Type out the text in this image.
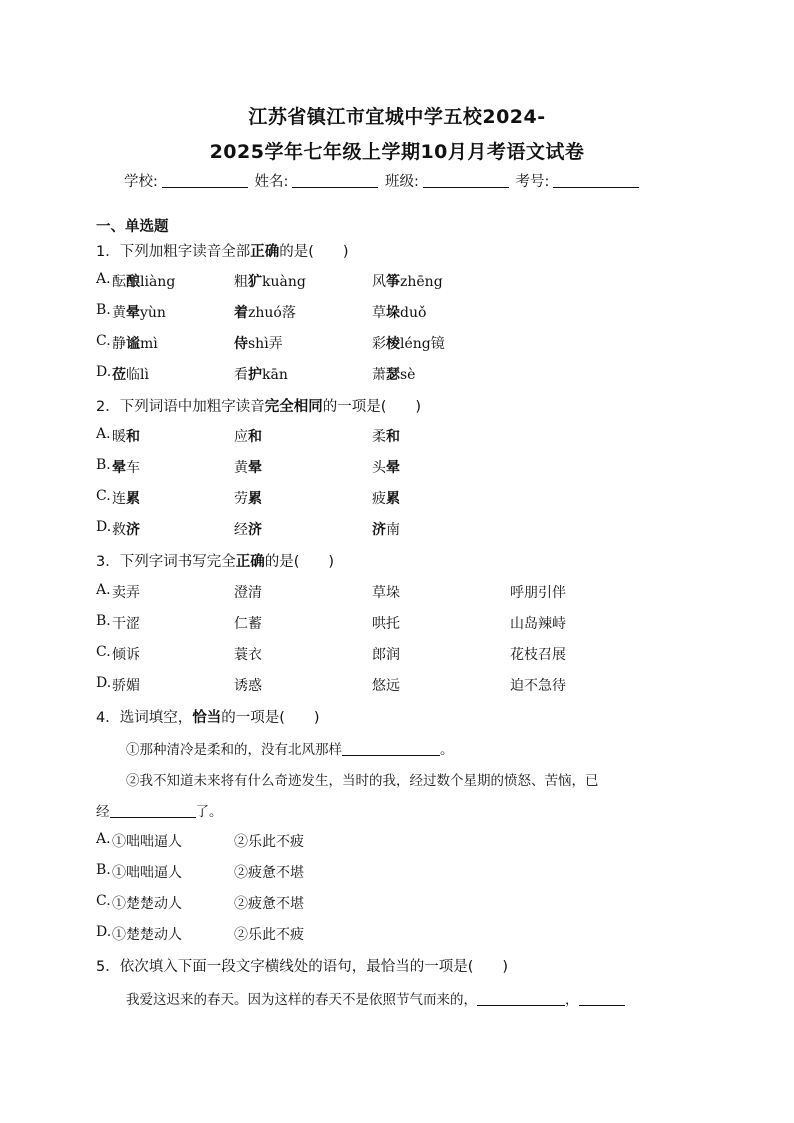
江苏省镇江市宜城中学五校2024-
2025学年七年级上学期10月月考语文试卷
学校:	姓名:	班级:	考号:
一、单选题
1．下列加粗字读音全部正确的是(　　)
A. 酝酿liàng	粗犷kuàng	风筝zhēng
B. 黄晕yùn	着zhuó落	草垛duǒ
C. 静谧mì	侍shì弄	彩棱léng镜
D. 莅临lì	看护kān	萧瑟sè
2．下列词语中加粗字读音完全相同的一项是(　　)
A. 暖和	应和	柔和
B. 晕车	黄晕	头晕
C. 连累	劳累	疲累
D. 救济	经济	济南
3．下列字词书写完全正确的是(　　)
A. 卖弄	澄清	草垛	呼朋引伴
B. 干涩	仁蓄	哄托	山岛辣峙
C. 倾诉	蓑衣	郎润	花枝召展
D. 骄媚	诱惑	悠远	迫不急待
4．选词填空，恰当的一项是(　　)
①那种清冷是柔和的，没有北风那样	。
②我不知道未来将有什么奇迹发生，当时的我，经过数个星期的愤怒、苦恼，已
经	了。
A. ①咄咄逼人	②乐此不疲
B. ①咄咄逼人	②疲惫不堪
C. ①楚楚动人	②疲惫不堪
D. ①楚楚动人	②乐此不疲
5．依次填入下面一段文字横线处的语句，最恰当的一项是(　　)
我爱这迟来的春天。因为这样的春天不是依照节气而来的，	，
